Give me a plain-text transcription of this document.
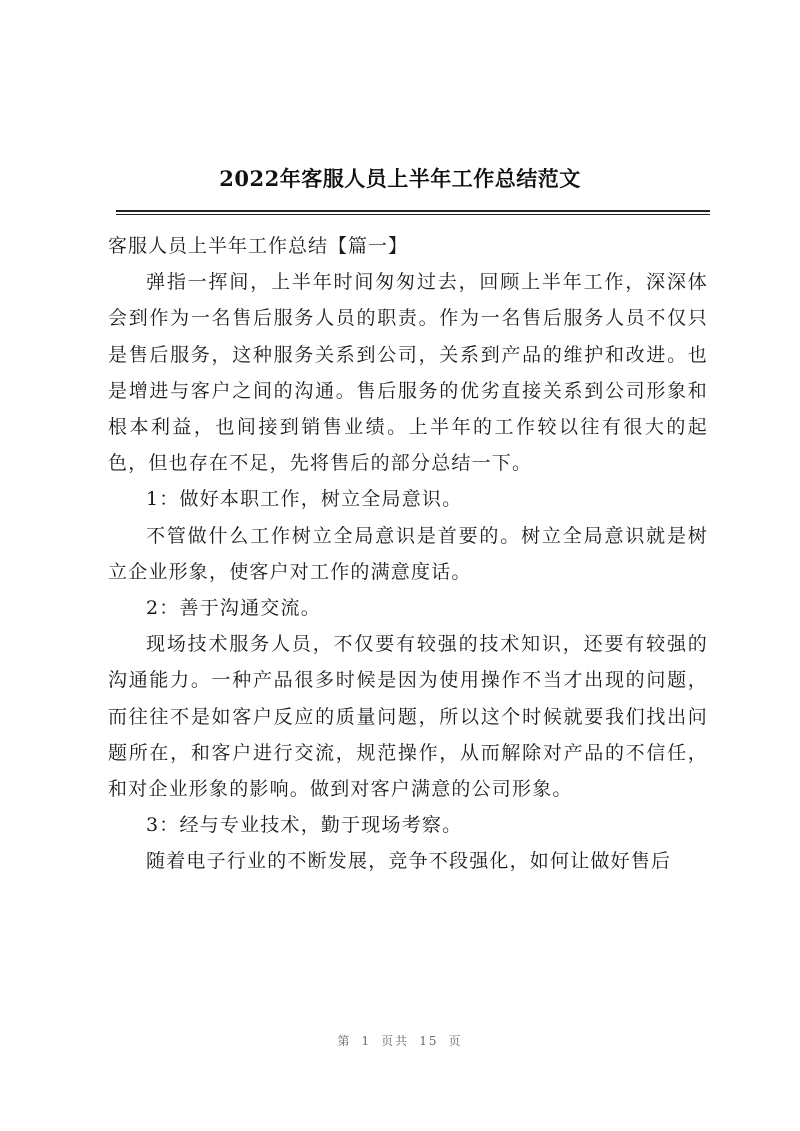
2022年客服人员上半年工作总结范文

客服人员上半年工作总结【篇一】

弹指一挥间，上半年时间匆匆过去，回顾上半年工作，深深体会到作为一名售后服务人员的职责。作为一名售后服务人员不仅只是售后服务，这种服务关系到公司，关系到产品的维护和改进。也是增进与客户之间的沟通。售后服务的优劣直接关系到公司形象和根本利益，也间接到销售业绩。上半年的工作较以往有很大的起色，但也存在不足，先将售后的部分总结一下。

1：做好本职工作，树立全局意识。

不管做什么工作树立全局意识是首要的。树立全局意识就是树立企业形象，使客户对工作的满意度话。

2：善于沟通交流。

现场技术服务人员，不仅要有较强的技术知识，还要有较强的沟通能力。一种产品很多时候是因为使用操作不当才出现的问题，而往往不是如客户反应的质量问题，所以这个时候就要我们找出问题所在，和客户进行交流，规范操作，从而解除对产品的不信任，和对企业形象的影响。做到对客户满意的公司形象。

3：经与专业技术，勤于现场考察。

随着电子行业的不断发展，竞争不段强化，如何让做好售后

第 1 页共 15 页
